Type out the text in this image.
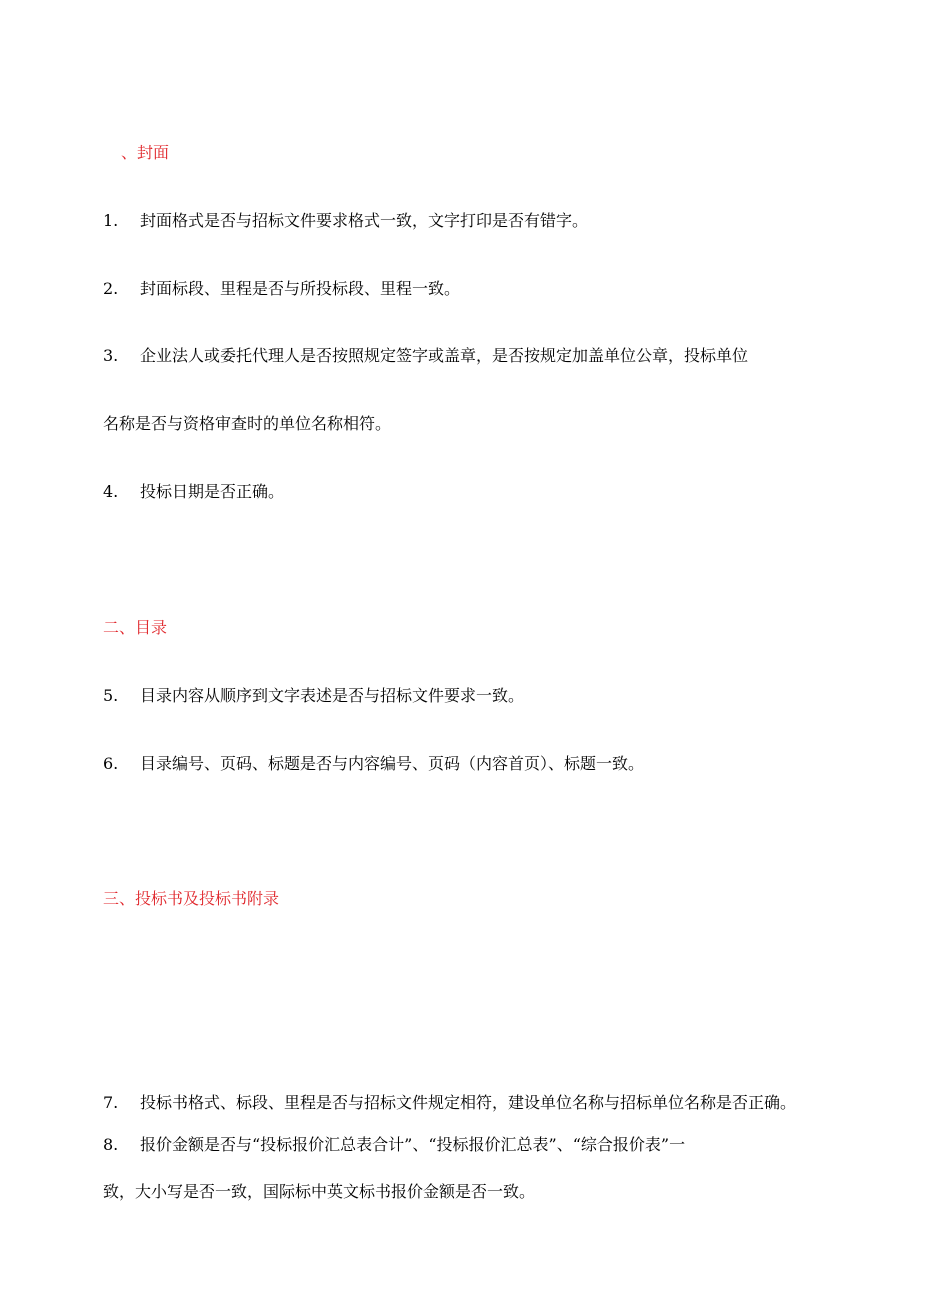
、封面
1. 封面格式是否与招标文件要求格式一致，文字打印是否有错字。
2. 封面标段、里程是否与所投标段、里程一致。
3. 企业法人或委托代理人是否按照规定签字或盖章，是否按规定加盖单位公章，投标单位
名称是否与资格审查时的单位名称相符。
4. 投标日期是否正确。
二、目录
5. 目录内容从顺序到文字表述是否与招标文件要求一致。
6. 目录编号、页码、标题是否与内容编号、页码（内容首页）、标题一致。
三、投标书及投标书附录
7. 投标书格式、标段、里程是否与招标文件规定相符，建设单位名称与招标单位名称是否正确。
8. 报价金额是否与“投标报价汇总表合计”、“投标报价汇总表”、“综合报价表”一
致，大小写是否一致，国际标中英文标书报价金额是否一致。
